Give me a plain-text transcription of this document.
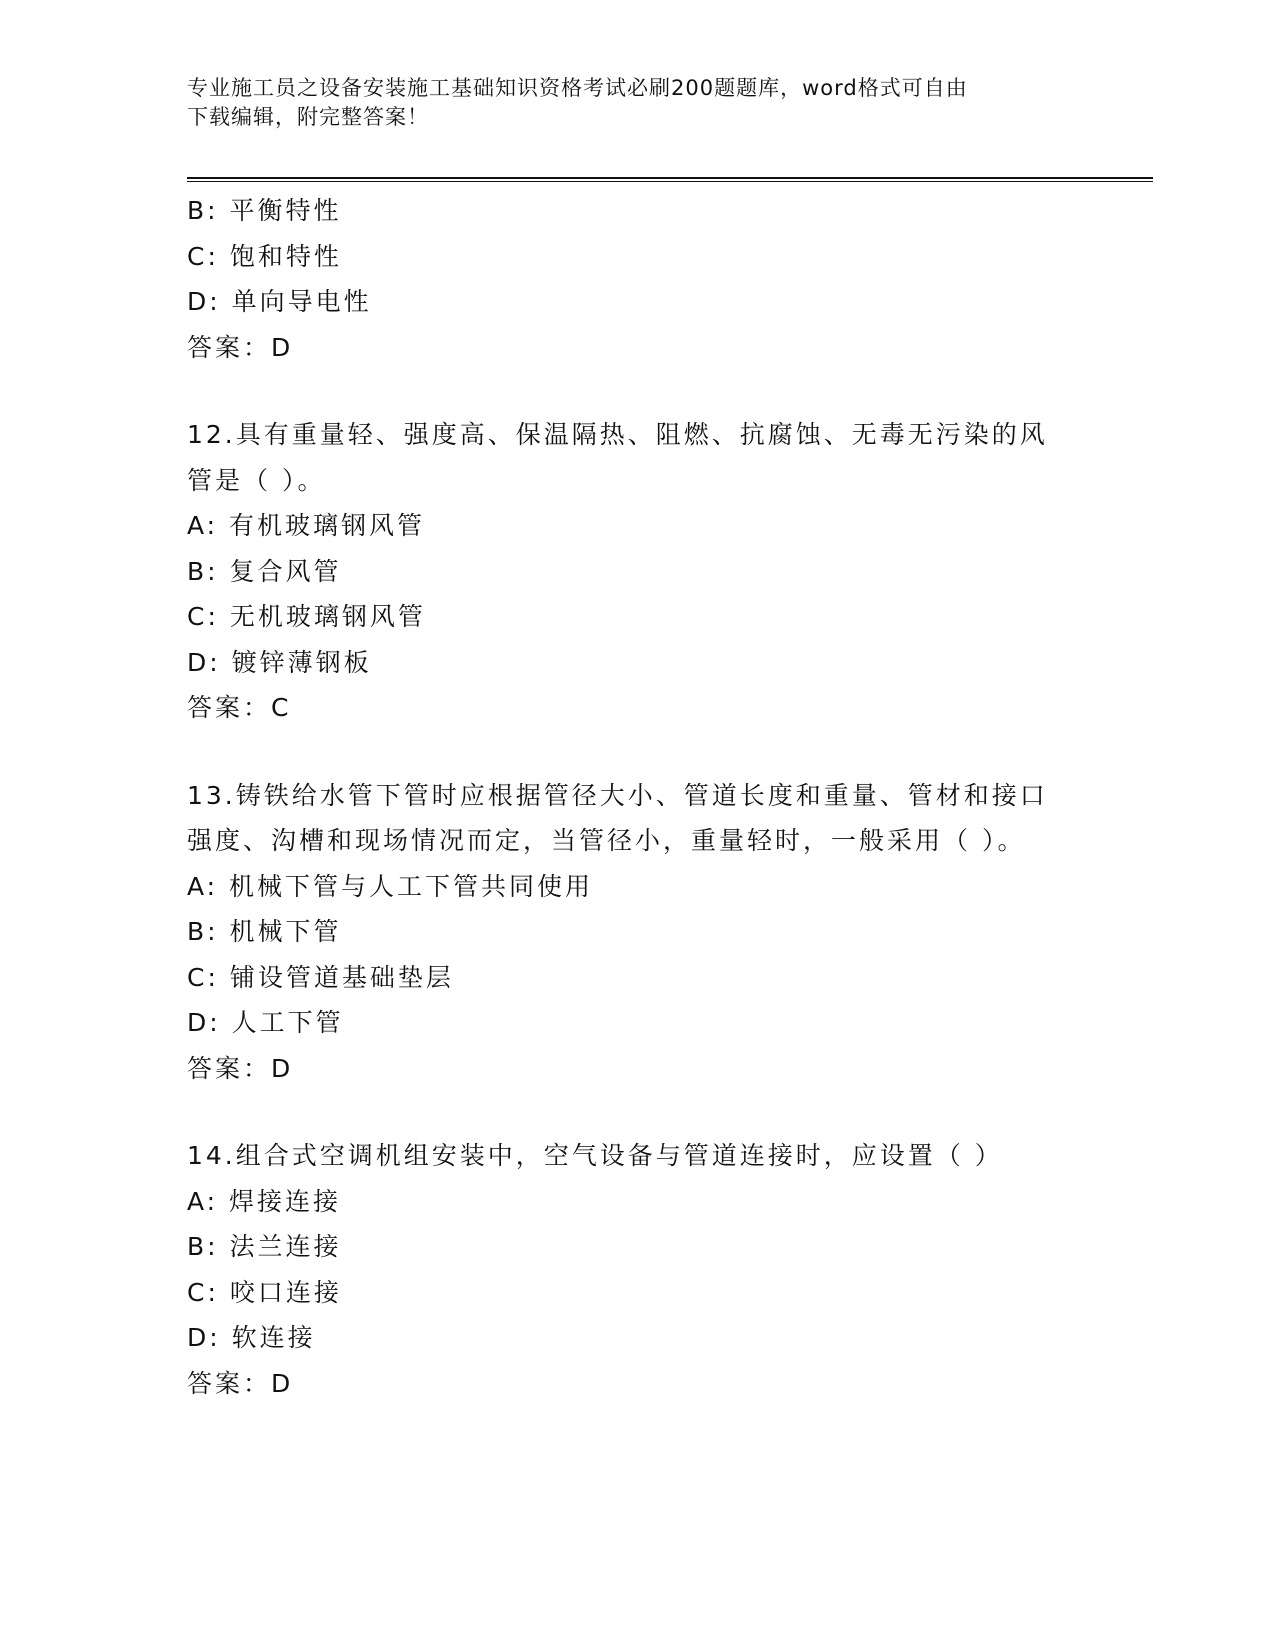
专业施工员之设备安装施工基础知识资格考试必刷200题题库，word格式可自由
下载编辑，附完整答案！
B: 平衡特性
C: 饱和特性
D: 单向导电性
答案：D
12.具有重量轻、强度高、保温隔热、阻燃、抗腐蚀、无毒无污染的风
管是（ ）。
A: 有机玻璃钢风管
B: 复合风管
C: 无机玻璃钢风管
D: 镀锌薄钢板
答案：C
13.铸铁给水管下管时应根据管径大小、管道长度和重量、管材和接口
强度、沟槽和现场情况而定，当管径小，重量轻时，一般采用（ ）。
A: 机械下管与人工下管共同使用
B: 机械下管
C: 铺设管道基础垫层
D: 人工下管
答案：D
14.组合式空调机组安装中，空气设备与管道连接时，应设置（ ）
A: 焊接连接
B: 法兰连接
C: 咬口连接
D: 软连接
答案：D
